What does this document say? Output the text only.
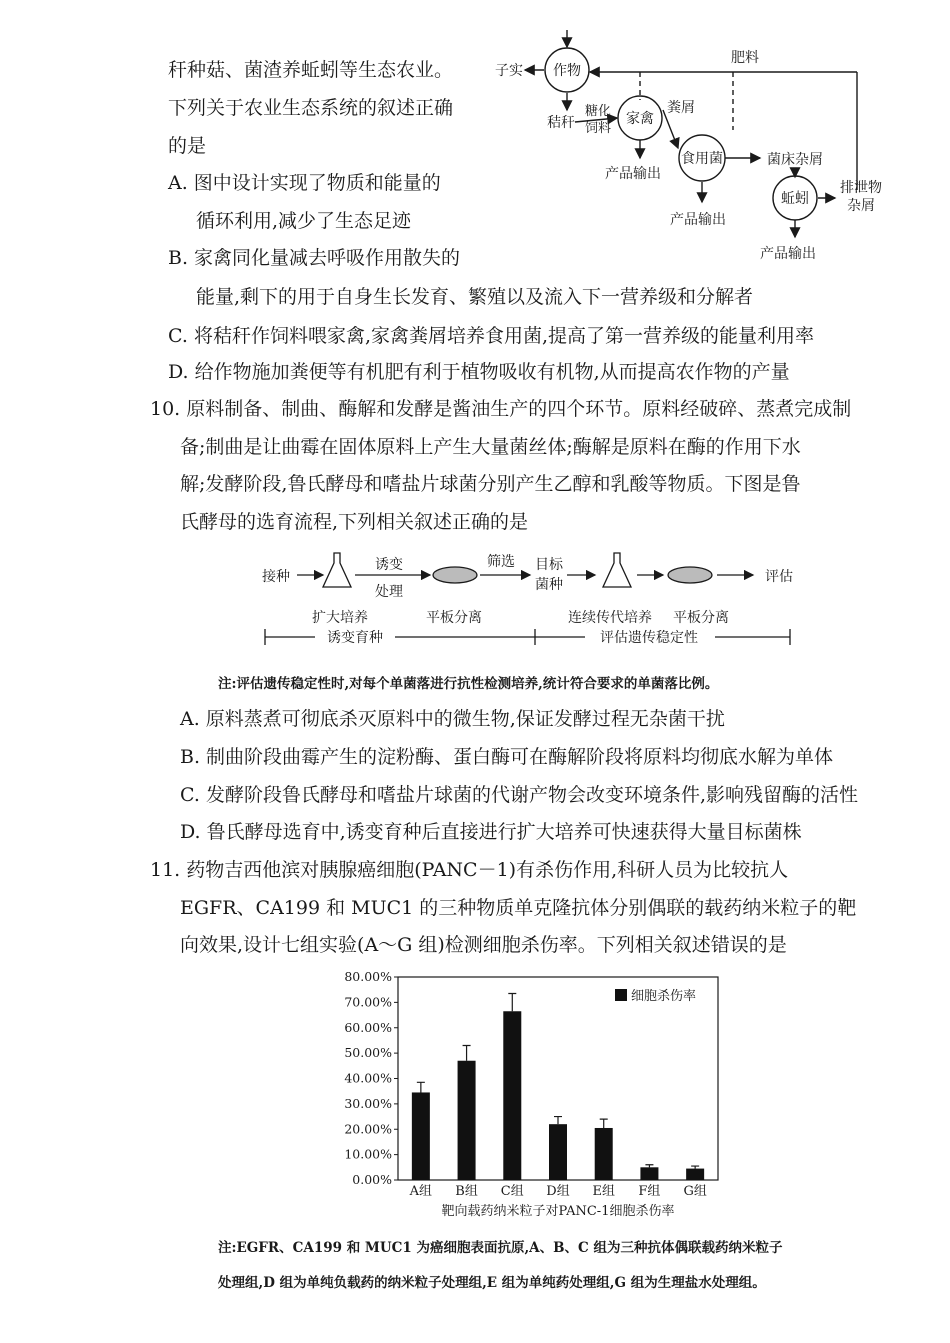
秆种菇、菌渣养蚯蚓等生态农业。
下列关于农业生态系统的叙述正确
的是
A. 图中设计实现了物质和能量的
循环利用,减少了生态足迹
B. 家禽同化量减去呼吸作用散失的
能量,剩下的用于自身生长发育、繁殖以及流入下一营养级和分解者
C. 将秸秆作饲料喂家禽,家禽粪屑培养食用菌,提高了第一营养级的能量利用率
D. 给作物施加粪便等有机肥有利于植物吸收有机物,从而提高农作物的产量
肥料
子实 作物
秸秆
糖化
饲料
家禽
粪屑
产品输出
食用菌	菌床杂屑
产品输出
蚯蚓
排泄物
杂屑
产品输出
10. 原料制备、制曲、酶解和发酵是酱油生产的四个环节。原料经破碎、蒸煮完成制
备;制曲是让曲霉在固体原料上产生大量菌丝体;酶解是原料在酶的作用下水
解;发酵阶段,鲁氏酵母和嗜盐片球菌分别产生乙醇和乳酸等物质。下图是鲁
氏酵母的选育流程,下列相关叙述正确的是
接种
诱变
处理
筛选 目标
菌种	评估
扩大培养	平板分离	连续传代培养 平板分离
诱变育种	评估遗传稳定性
注:评估遗传稳定性时,对每个单菌落进行抗性检测培养,统计符合要求的单菌落比例。
A. 原料蒸煮可彻底杀灭原料中的微生物,保证发酵过程无杂菌干扰
B. 制曲阶段曲霉产生的淀粉酶、蛋白酶可在酶解阶段将原料均彻底水解为单体
C. 发酵阶段鲁氏酵母和嗜盐片球菌的代谢产物会改变环境条件,影响残留酶的活性
D. 鲁氏酵母选育中,诱变育种后直接进行扩大培养可快速获得大量目标菌株
11. 药物吉西他滨对胰腺癌细胞(PANC－1)有杀伤作用,科研人员为比较抗人
EGFR、CA199 和 MUC1 的三种物质单克隆抗体分别偶联的载药纳米粒子的靶
向效果,设计七组实验(A～G 组)检测细胞杀伤率。下列相关叙述错误的是
0.00%
10.00%
20.00%
30.00%
40.00%
50.00%
60.00%
70.00%
80.00%
A组 B组 C组 D组 E组 F组 G组
细胞杀伤率
靶向载药纳米粒子对PANC-1细胞杀伤率
注:EGFR、CA199 和 MUC1 为癌细胞表面抗原,A、B、C 组为三种抗体偶联载药纳米粒子
处理组,D 组为单纯负载药的纳米粒子处理组,E 组为单纯药处理组,G 组为生理盐水处理组。
